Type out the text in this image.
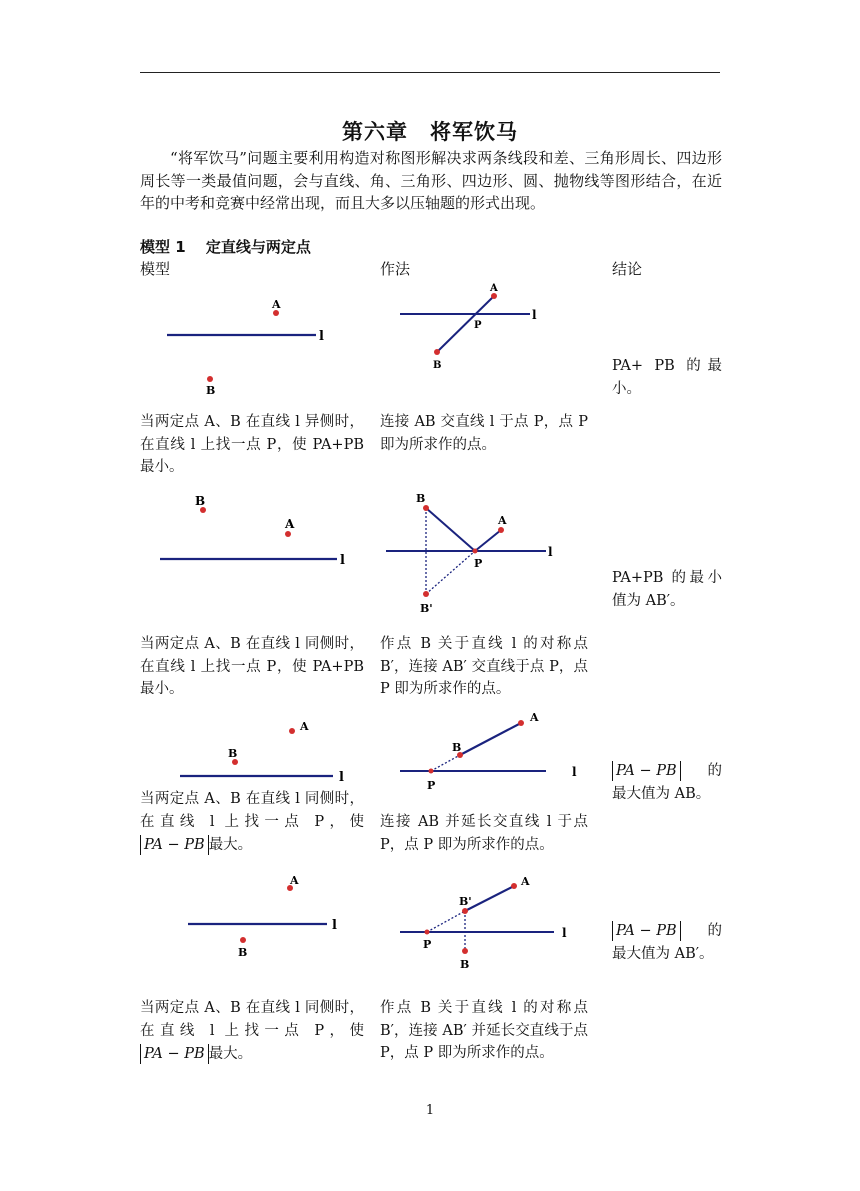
第六章　将军饮马
“将军饮马”问题主要利用构造对称图形解决求两条线段和差、三角形周长、四边形周长等一类最值问题，会与直线、角、三角形、四边形、圆、抛物线等图形结合，在近年的中考和竞赛中经常出现，而且大多以压轴题的形式出现。
模型 1　 定直线与两定点
模型	作法	结论
l
A
B
l
A
B
P
PA+ PB 的最小。
当两定点 A、B 在直线 l 异侧时，在直线 l 上找一点 P，使 PA+PB 最小。
连接 AB 交直线 l 于点 P，点 P 即为所求作的点。
l
B
A
l
B
A
B'
P
PA+PB 的最小值为 AB′。
当两定点 A、B 在直线 l 同侧时，在直线 l 上找一点 P，使 PA+PB 最小。
作点 B 关于直线 l 的对称点 B′，连接 AB′ 交直线于点 P，点 P 即为所求作的点。
l
A
B
l
A
B
P
PA − PB 的
最大值为 AB。
当两定点 A、B 在直线 l 同侧时，在直线 l 上找一点 P，使PA − PB 最大。
连接 AB 并延长交直线 l 于点 P，点 P 即为所求作的点。
l
A
B
l
A
B'
B
P
PA − PB 的
最大值为 AB′。
当两定点 A、B 在直线 l 同侧时，在直线 l 上找一点 P，使PA − PB 最大。
作点 B 关于直线 l 的对称点 B′，连接 AB′ 并延长交直线于点 P，点 P 即为所求作的点。
1
